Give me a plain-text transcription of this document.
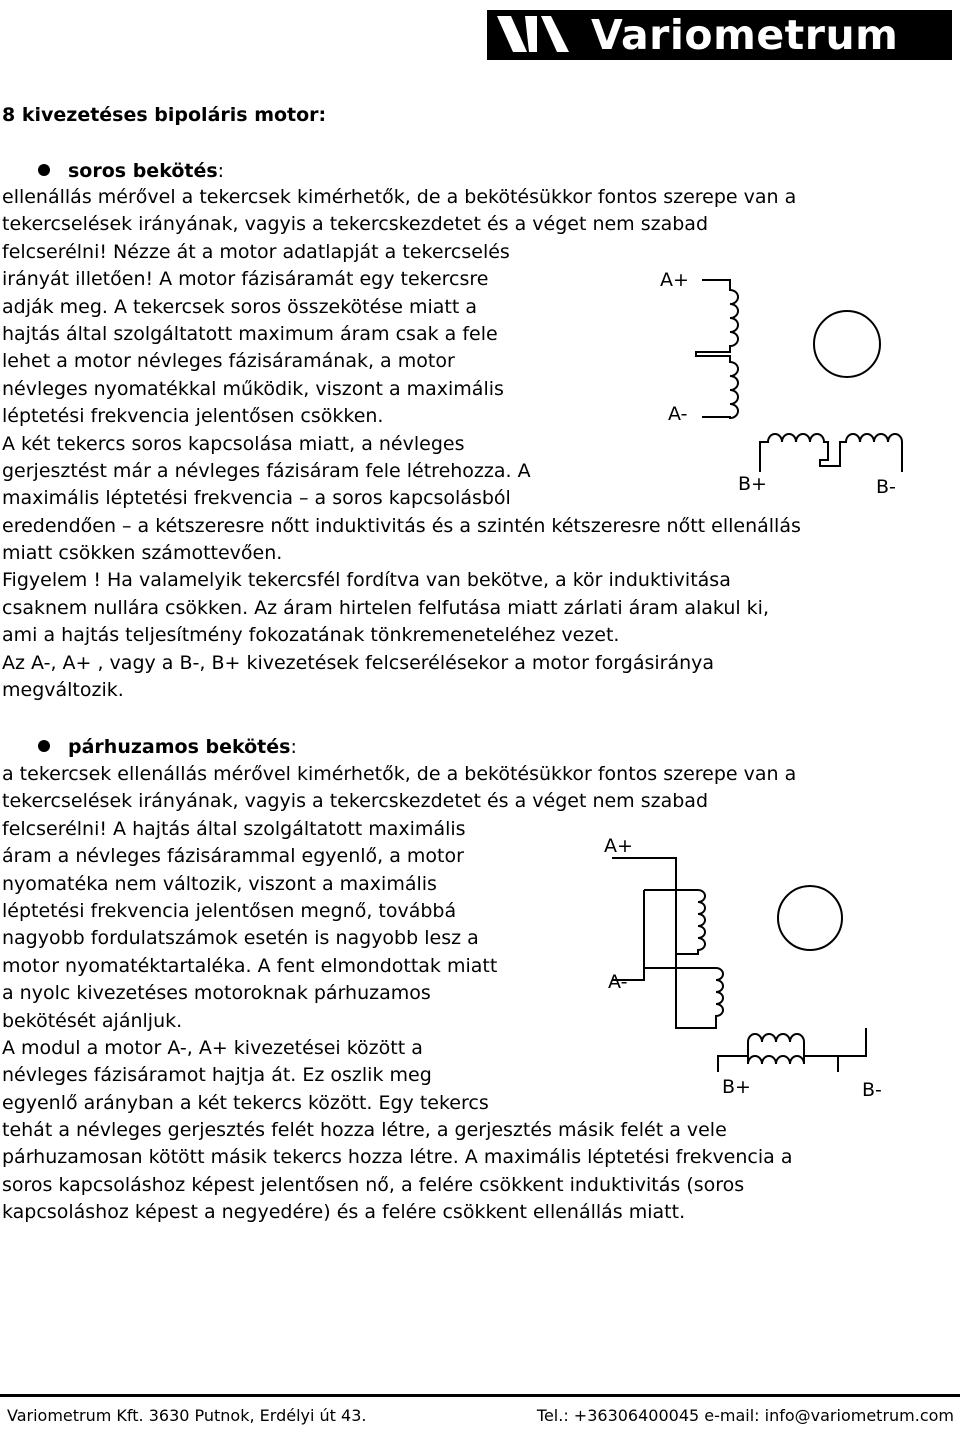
Variometrum
8 kivezetéses bipoláris motor:
soros bekötés:
ellenállás mérővel a tekercsek kimérhetők, de a bekötésükkor fontos szerepe van a
tekercselések irányának, vagyis a tekercskezdetet és a véget nem szabad
felcserélni! Nézze át a motor adatlapját a tekercselés
irányát illetően! A motor fázisáramát egy tekercsre
adják meg. A tekercsek soros összekötése miatt a
hajtás által szolgáltatott maximum áram csak a fele
lehet a motor névleges fázisáramának, a motor
névleges nyomatékkal működik, viszont a maximális
léptetési frekvencia jelentősen csökken.
A két tekercs soros kapcsolása miatt, a névleges
gerjesztést már a névleges fázisáram fele létrehozza. A
maximális léptetési frekvencia – a soros kapcsolásból
eredendően – a kétszeresre nőtt induktivitás és a szintén kétszeresre nőtt ellenállás
miatt csökken számottevően.
Figyelem ! Ha valamelyik tekercsfél fordítva van bekötve, a kör induktivitása
csaknem nullára csökken. Az áram hirtelen felfutása miatt zárlati áram alakul ki,
ami a hajtás teljesítmény fokozatának tönkremeneteléhez vezet.
Az A-, A+ , vagy a B-, B+ kivezetések felcserélésekor a motor forgásiránya
megváltozik.
A+
A-
B+	B-
párhuzamos bekötés:
a tekercsek ellenállás mérővel kimérhetők, de a bekötésükkor fontos szerepe van a
tekercselések irányának, vagyis a tekercskezdetet és a véget nem szabad
felcserélni! A hajtás által szolgáltatott maximális
áram a névleges fázisárammal egyenlő, a motor
nyomatéka nem változik, viszont a maximális
léptetési frekvencia jelentősen megnő, továbbá
nagyobb fordulatszámok esetén is nagyobb lesz a
motor nyomatéktartaléka. A fent elmondottak miatt
a nyolc kivezetéses motoroknak párhuzamos
bekötését ajánljuk.
A modul a motor A-, A+ kivezetései között a
névleges fázisáramot hajtja át. Ez oszlik meg
egyenlő arányban a két tekercs között. Egy tekercs
tehát a névleges gerjesztés felét hozza létre, a gerjesztés másik felét a vele
párhuzamosan kötött másik tekercs hozza létre. A maximális léptetési frekvencia a
soros kapcsoláshoz képest jelentősen nő, a felére csökkent induktivitás (soros
kapcsoláshoz képest a negyedére) és a felére csökkent ellenállás miatt.
A+
A-
B+	B-
Variometrum Kft. 3630 Putnok, Erdélyi út 43.	Tel.: +36306400045 e-mail: info@variometrum.com
